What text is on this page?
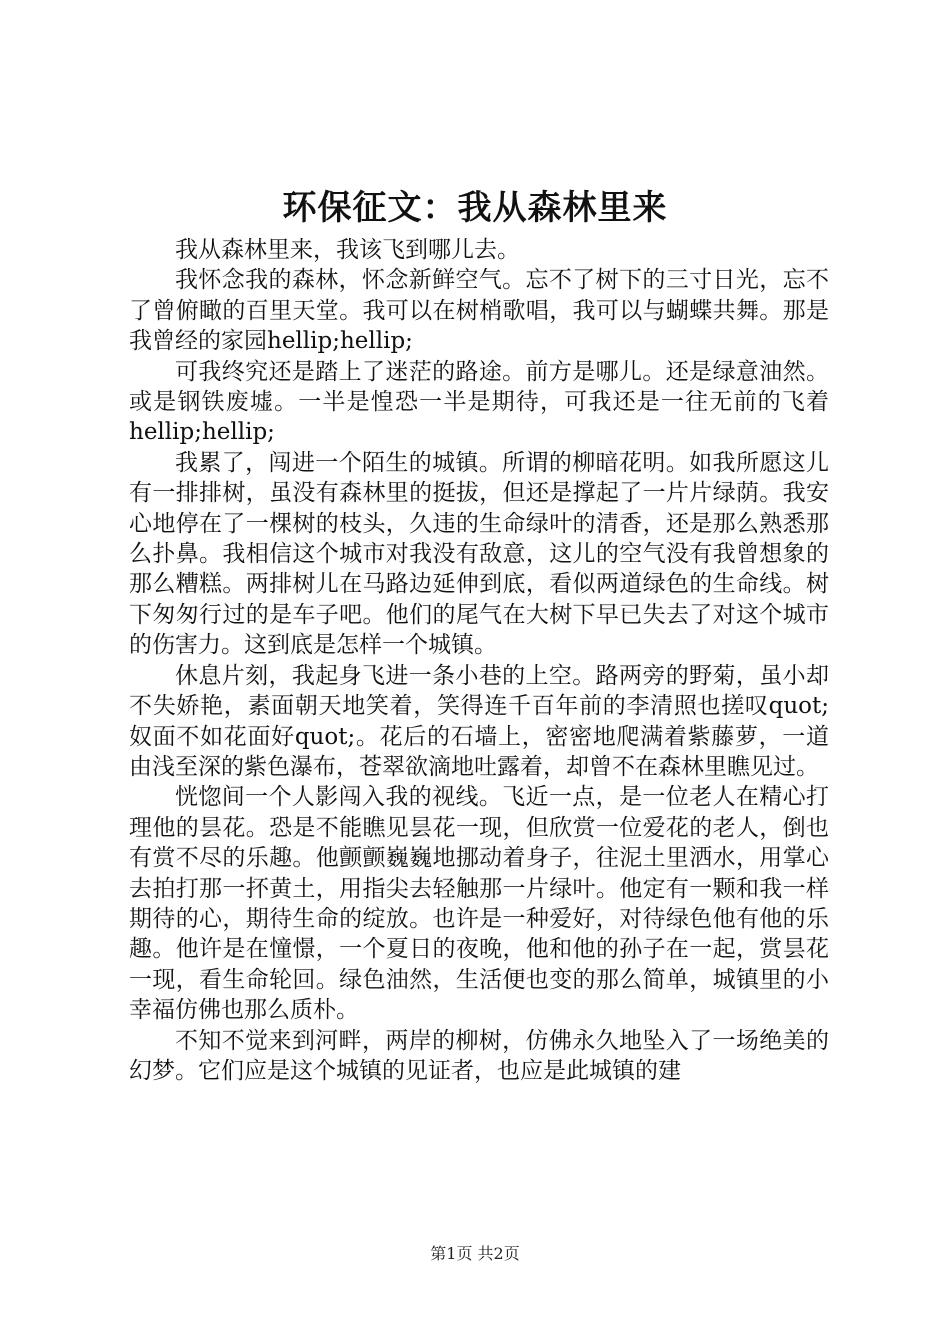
环保征文：我从森林里来

我从森林里来，我该飞到哪儿去。

我怀念我的森林，怀念新鲜空气。忘不了树下的三寸日光，忘不了曾俯瞰的百里天堂。我可以在树梢歌唱，我可以与蝴蝶共舞。那是我曾经的家园hellip;hellip;

可我终究还是踏上了迷茫的路途。前方是哪儿。还是绿意油然。或是钢铁废墟。一半是惶恐一半是期待，可我还是一往无前的飞着hellip;hellip;

我累了，闯进一个陌生的城镇。所谓的柳暗花明。如我所愿这儿有一排排树，虽没有森林里的挺拔，但还是撑起了一片片绿荫。我安心地停在了一棵树的枝头，久违的生命绿叶的清香，还是那么熟悉那么扑鼻。我相信这个城市对我没有敌意，这儿的空气没有我曾想象的那么糟糕。两排树儿在马路边延伸到底，看似两道绿色的生命线。树下匆匆行过的是车子吧。他们的尾气在大树下早已失去了对这个城市的伤害力。这到底是怎样一个城镇。

休息片刻，我起身飞进一条小巷的上空。路两旁的野菊，虽小却不失娇艳，素面朝天地笑着，笑得连千百年前的李清照也搓叹quot;奴面不如花面好quot;。花后的石墙上，密密地爬满着紫藤萝，一道由浅至深的紫色瀑布，苍翠欲滴地吐露着，却曾不在森林里瞧见过。

恍惚间一个人影闯入我的视线。飞近一点，是一位老人在精心打理他的昙花。恐是不能瞧见昙花一现，但欣赏一位爱花的老人，倒也有赏不尽的乐趣。他颤颤巍巍地挪动着身子，往泥土里洒水，用掌心去拍打那一抔黄土，用指尖去轻触那一片绿叶。他定有一颗和我一样期待的心，期待生命的绽放。也许是一种爱好，对待绿色他有他的乐趣。他许是在憧憬，一个夏日的夜晚，他和他的孙子在一起，赏昙花一现，看生命轮回。绿色油然，生活便也变的那么简单，城镇里的小幸福仿佛也那么质朴。

不知不觉来到河畔，两岸的柳树，仿佛永久地坠入了一场绝美的幻梦。它们应是这个城镇的见证者，也应是此城镇的建

第1页 共2页
